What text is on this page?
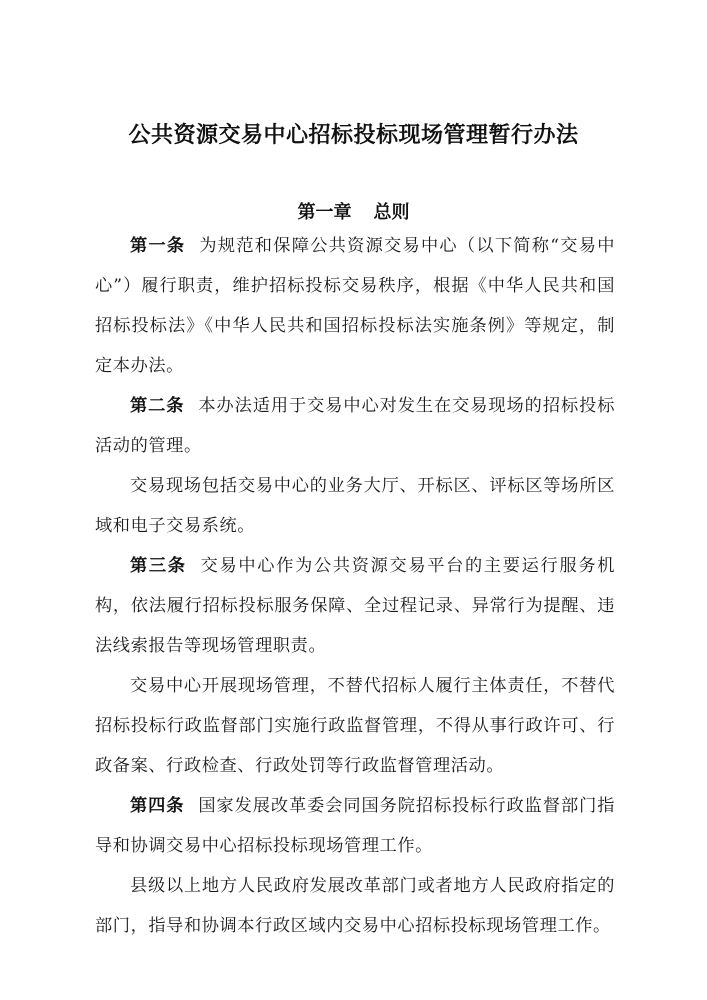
公共资源交易中心招标投标现场管理暂行办法
第一章 总则

第一条 为规范和保障公共资源交易中心（以下简称“交易中心”）履行职责，维护招标投标交易秩序，根据《中华人民共和国招标投标法》《中华人民共和国招标投标法实施条例》等规定，制定本办法。

第二条 本办法适用于交易中心对发生在交易现场的招标投标活动的管理。

交易现场包括交易中心的业务大厅、开标区、评标区等场所区域和电子交易系统。

第三条 交易中心作为公共资源交易平台的主要运行服务机构，依法履行招标投标服务保障、全过程记录、异常行为提醒、违法线索报告等现场管理职责。

交易中心开展现场管理，不替代招标人履行主体责任，不替代招标投标行政监督部门实施行政监督管理，不得从事行政许可、行政备案、行政检查、行政处罚等行政监督管理活动。

第四条 国家发展改革委会同国务院招标投标行政监督部门指导和协调交易中心招标投标现场管理工作。

县级以上地方人民政府发展改革部门或者地方人民政府指定的部门，指导和协调本行政区域内交易中心招标投标现场管理工作。
